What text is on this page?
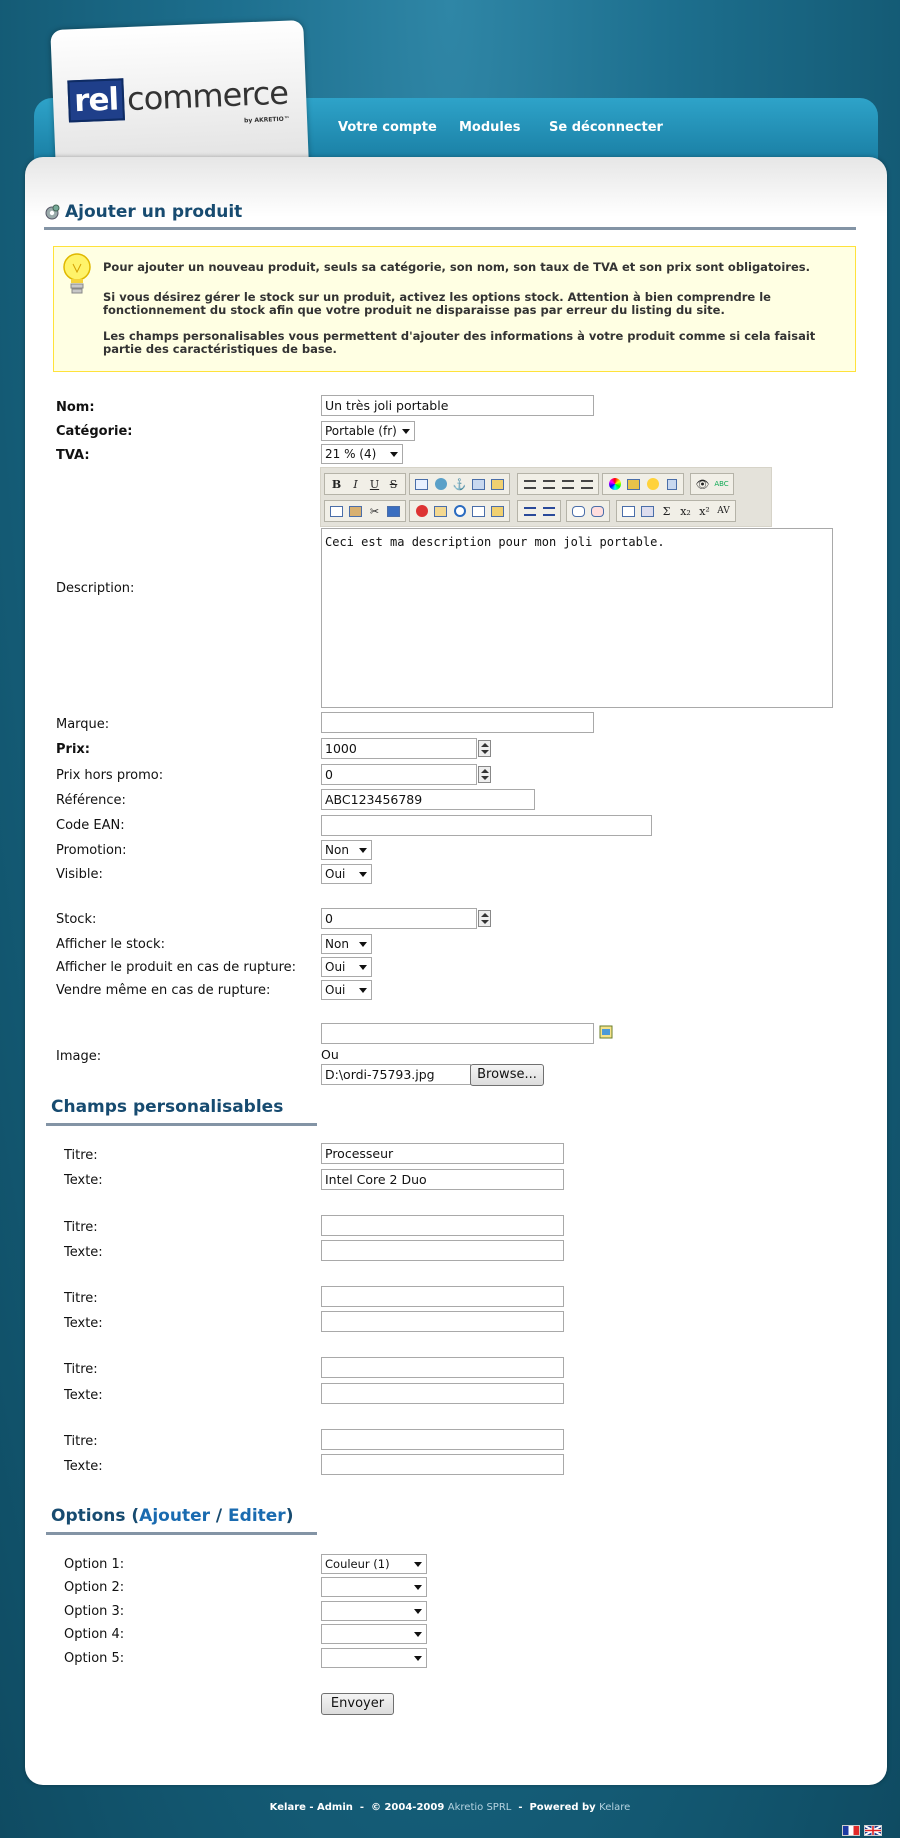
Votre compte Modules Se déconnecter
rel commerce
by AKRETIO™
Ajouter un produit

Pour ajouter un nouveau produit, seuls sa catégorie, son nom, son taux de TVA et son prix sont obligatoires.

Si vous désirez gérer le stock sur un produit, activez les options stock. Attention à bien comprendre le fonctionnement du stock afin que votre produit ne disparaisse pas par erreur du listing du site.

Les champs personalisables vous permettent d'ajouter des informations à votre produit comme si cela faisait partie des caractéristiques de base.

Nom:	Un très joli portable
Catégorie:	Portable (fr)
TVA:	21 % (4)
B	I	U S	⚓	👁 ABC
✂	Σ x₂ x² AV
Description:
Ceci est ma description pour mon joli portable.
Marque:
Prix:	1000
Prix hors promo:	0
Référence:	ABC123456789
Code EAN:
Promotion:	Non
Visible:	Oui
Stock:	0
Afficher le stock:	Non
Afficher le produit en cas de rupture:	Oui
Vendre même en cas de rupture:	Oui
Image:	Ou
D:\ordi-75793.jpg	Browse...
Champs personalisables
Titre:	Processeur
Texte:	Intel Core 2 Duo
Titre:
Texte:
Titre:
Texte:
Titre:
Texte:
Titre:
Texte:
Options (Ajouter / Editer)
Option 1:	Couleur (1)
Option 2:
Option 3:
Option 4:
Option 5:
Envoyer
Kelare - Admin - © 2004-2009 Akretio SPRL - Powered by Kelare
